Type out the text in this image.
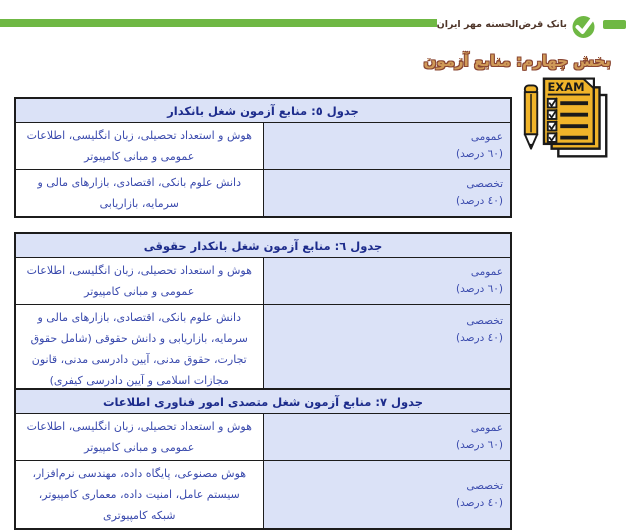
بانک قرض‌الحسنه مهر ایران
بخش چهارم: منابع آزمون
EXAM
جدول ٥: منابع آزمون شغل بانکدار	

عمومی
(٦٠ درصد)	هوش و استعداد تحصیلی، زبان انگلیسی، اطلاعات عمومی و مبانی کامپیوتر

تخصصی
(٤٠ درصد)	دانش علوم بانکی، اقتصادی، بازارهای مالی و سرمایه، بازاریابی
جدول ٦: منابع آزمون شغل بانکدار حقوقی	

عمومی
(٦٠ درصد)	هوش و استعداد تحصیلی، زبان انگلیسی، اطلاعات عمومی و مبانی کامپیوتر

تخصصی
(٤٠ درصد)	دانش علوم بانکی، اقتصادی، بازارهای مالی و سرمایه، بازاریابی و دانش حقوقی (شامل حقوق تجارت، حقوق مدنی، آیین دادرسی مدنی، قانون مجازات اسلامی و آیین دادرسی کیفری)
جدول ٧: منابع آزمون شغل متصدی امور فناوری اطلاعات	

عمومی
(٦٠ درصد)	هوش و استعداد تحصیلی، زبان انگلیسی، اطلاعات عمومی و مبانی کامپیوتر

تخصصی
(٤٠ درصد)	هوش مصنوعی، پایگاه داده، مهندسی نرم‌افزار، سیستم عامل، امنیت داده، معماری کامپیوتر، شبکه کامپیوتری
